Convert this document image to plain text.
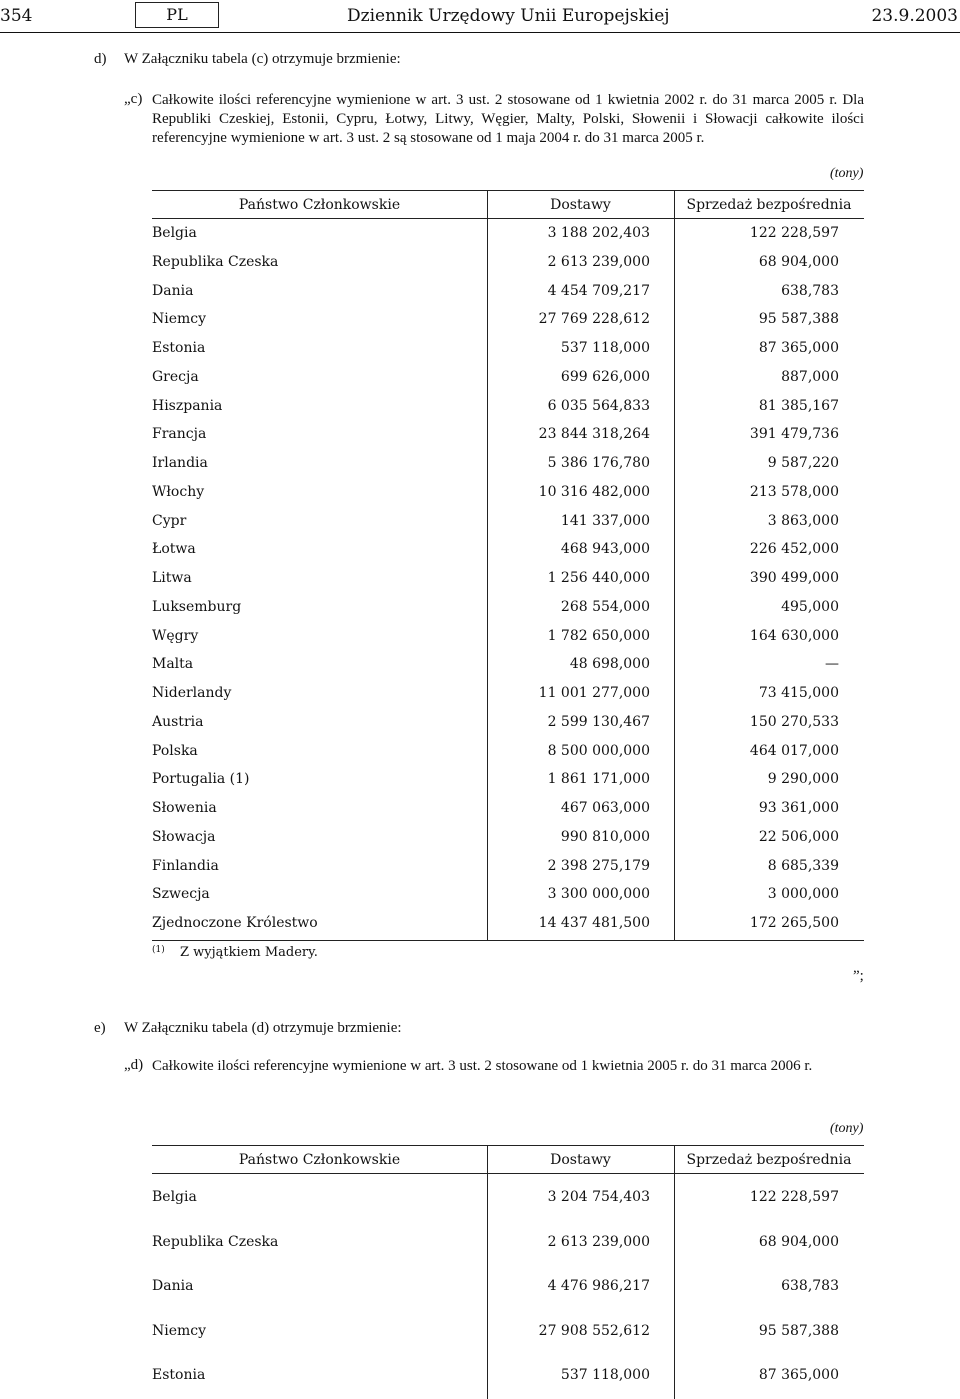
354	PL	Dziennik Urzędowy Unii Europejskiej	23.9.2003
d) W Załączniku tabela (c) otrzymuje brzmienie:
„c) Całkowite ilości referencyjne wymienione w art. 3 ust. 2 stosowane od 1 kwietnia 2002 r. do 31 marca 2005 r. Dla Republiki Czeskiej, Estonii, Cypru, Łotwy, Litwy, Węgier, Malty, Polski, Słowenii i Słowacji całkowite ilości referencyjne wymienione w art. 3 ust. 2 są stosowane od 1 maja 2004 r. do 31 marca 2005 r.
(tony)
Państwo Członkowskie	Dostawy	Sprzedaż bezpośrednia
Belgia	3 188 202,403	122 228,597
Republika Czeska	2 613 239,000	68 904,000
Dania	4 454 709,217	638,783
Niemcy	27 769 228,612	95 587,388
Estonia	537 118,000	87 365,000
Grecja	699 626,000	887,000
Hiszpania	6 035 564,833	81 385,167
Francja	23 844 318,264	391 479,736
Irlandia	5 386 176,780	9 587,220
Włochy	10 316 482,000	213 578,000
Cypr	141 337,000	3 863,000
Łotwa	468 943,000	226 452,000
Litwa	1 256 440,000	390 499,000
Luksemburg	268 554,000	495,000
Węgry	1 782 650,000	164 630,000
Malta	48 698,000	—
Niderlandy	11 001 277,000	73 415,000
Austria	2 599 130,467	150 270,533
Polska	8 500 000,000	464 017,000
Portugalia (1)	1 861 171,000	9 290,000
Słowenia	467 063,000	93 361,000
Słowacja	990 810,000	22 506,000
Finlandia	2 398 275,179	8 685,339
Szwecja	3 300 000,000	3 000,000
Zjednoczone Królestwo	14 437 481,500	172 265,500
$^{(1)}$ Z wyjątkiem Madery.
”;
e) W Załączniku tabela (d) otrzymuje brzmienie:
„d) Całkowite ilości referencyjne wymienione w art. 3 ust. 2 stosowane od 1 kwietnia 2005 r. do 31 marca 2006 r.
(tony)
Państwo Członkowskie	Dostawy	Sprzedaż bezpośrednia
Belgia	3 204 754,403	122 228,597
Republika Czeska	2 613 239,000	68 904,000
Dania	4 476 986,217	638,783
Niemcy	27 908 552,612	95 587,388
Estonia	537 118,000	87 365,000
